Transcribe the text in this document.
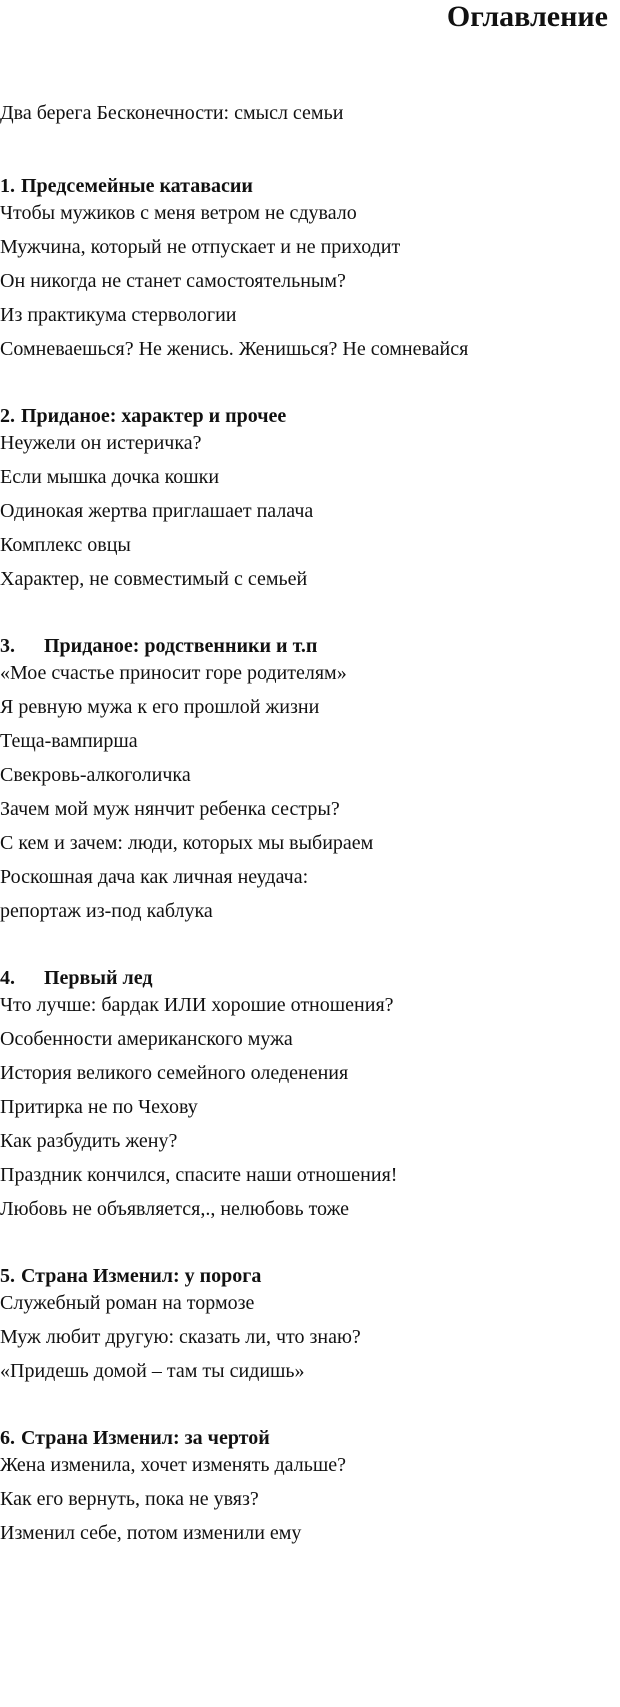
Оглавление

Два берега Бесконечности: смысл семьи

1. Предсемейные катавасии

Чтобы мужиков с меня ветром не сдувало
Мужчина, который не отпускает и не приходит
Он никогда не станет самостоятельным?
Из практикума стервологии
Сомневаешься? Не женись. Женишься? Не сомневайся

2. Приданое: характер и прочее

Неужели он истеричка?
Если мышка дочка кошки
Одинокая жертва приглашает палача
Комплекс овцы
Характер, не совместимый с семьей

3. Приданое: родственники и т.п

«Мое счастье приносит горе родителям»
Я ревную мужа к его прошлой жизни
Теща-вампирша
Свекровь-алкоголичка
Зачем мой муж нянчит ребенка сестры?
С кем и зачем: люди, которых мы выбираем
Роскошная дача как личная неудача:
репортаж из-под каблука

4. Первый лед

Что лучше: бардак ИЛИ хорошие отношения?
Особенности американского мужа
История великого семейного оледенения
Притирка не по Чехову
Как разбудить жену?
Праздник кончился, спасите наши отношения!
Любовь не объявляется,., нелюбовь тоже

5. Страна Изменил: у порога

Служебный роман на тормозе
Муж любит другую: сказать ли, что знаю?
«Придешь домой – там ты сидишь»

6. Страна Изменил: за чертой

Жена изменила, хочет изменять дальше?
Как его вернуть, пока не увяз?
Изменил себе, потом изменили ему
